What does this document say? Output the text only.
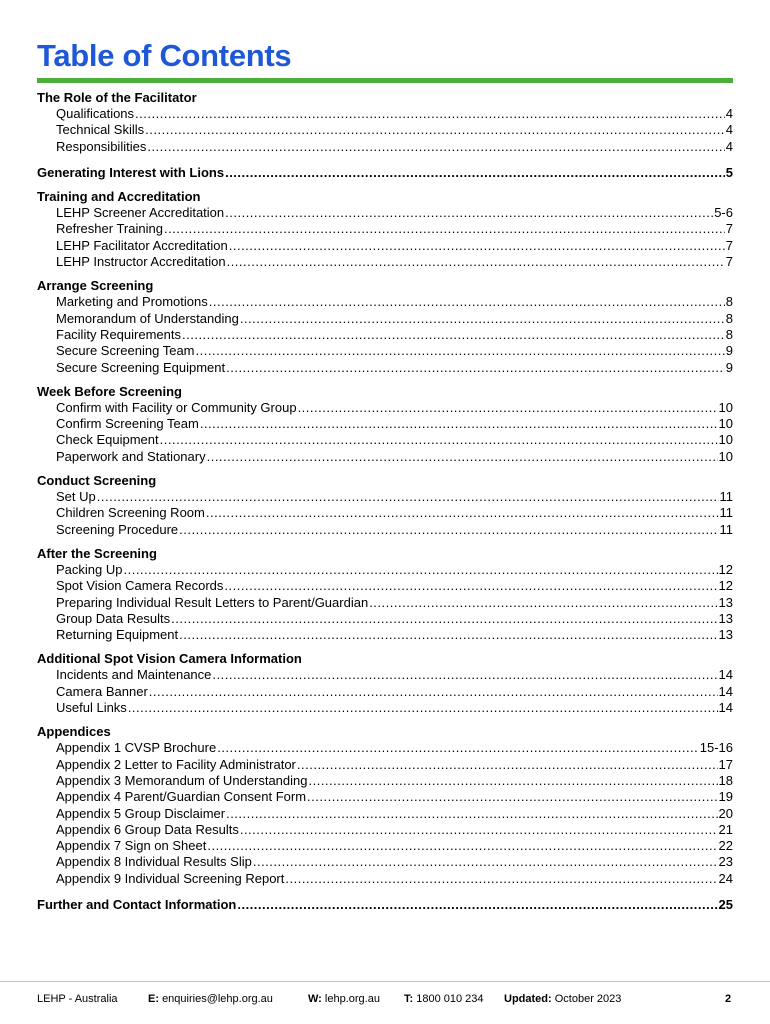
Table of Contents
The Role of the Facilitator
Qualifications .....	4
Technical Skills .....	4
Responsibilities .....	4
Generating Interest with Lions .....	5
Training and Accreditation
LEHP Screener Accreditation .....	5-6
Refresher Training .....	7
LEHP Facilitator Accreditation .....	7
LEHP Instructor Accreditation .....	7
Arrange Screening
Marketing and Promotions .....	8
Memorandum of Understanding .....	8
Facility Requirements .....	8
Secure Screening Team .....	9
Secure Screening Equipment .....	9
Week Before Screening
Confirm with Facility or Community Group .....	10
Confirm Screening Team .....	10
Check Equipment .....	10
Paperwork and Stationary .....	10
Conduct Screening
Set Up .....	11
Children Screening Room .....	11
Screening Procedure .....	11
After the Screening
Packing Up .....	12
Spot Vision Camera Records .....	12
Preparing Individual Result Letters to Parent/Guardian .....	13
Group Data Results .....	13
Returning Equipment .....	13
Additional Spot Vision Camera Information
Incidents and Maintenance .....	14
Camera Banner .....	14
Useful Links .....	14
Appendices
Appendix 1 CVSP Brochure .....	15-16
Appendix 2 Letter to Facility Administrator .....	17
Appendix 3 Memorandum of Understanding .....	18
Appendix 4 Parent/Guardian Consent Form .....	19
Appendix 5 Group Disclaimer .....	20
Appendix 6 Group Data Results .....	21
Appendix 7 Sign on Sheet .....	22
Appendix 8 Individual Results Slip .....	23
Appendix 9 Individual Screening Report .....	24
Further and Contact Information .....	25
LEHP - Australia	E: enquiries@lehp.org.au	W: lehp.org.au T: 1800 010 234 Updated: October 2023	2
